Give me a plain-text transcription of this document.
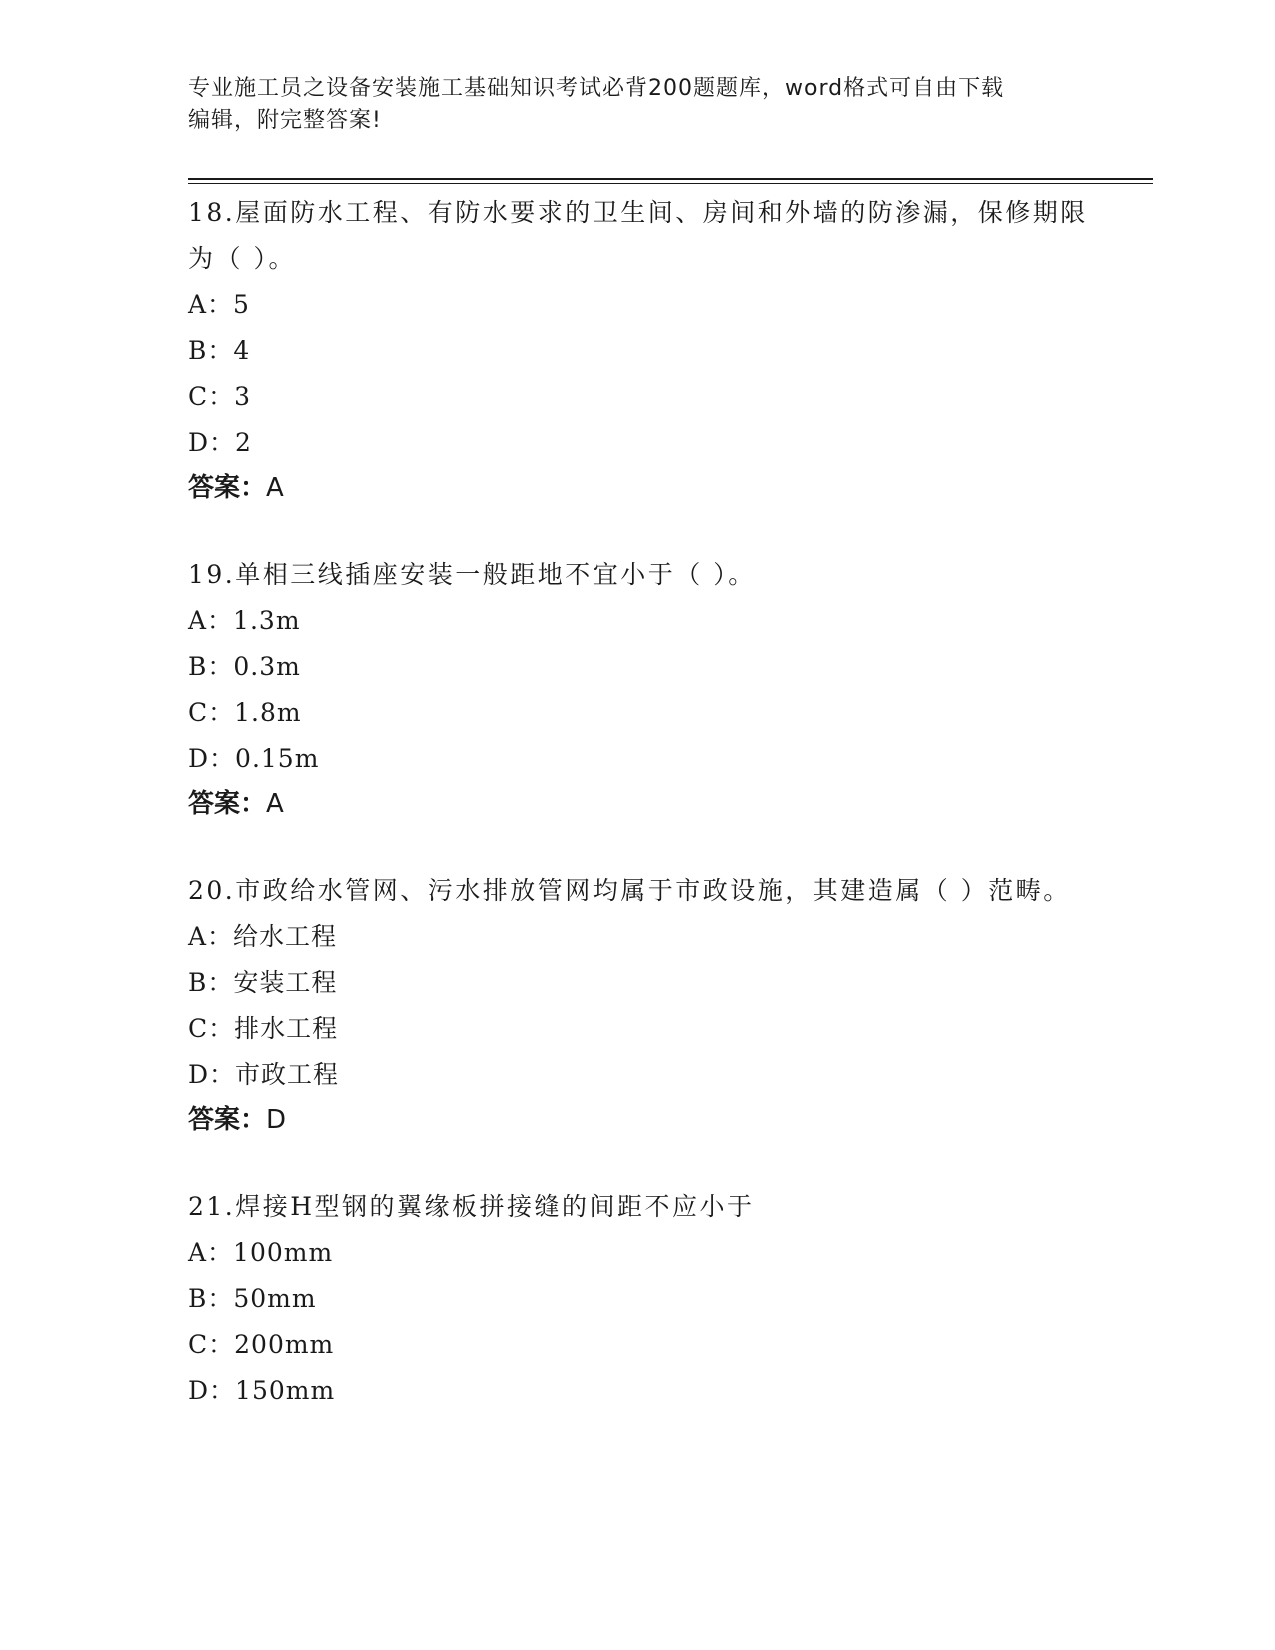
专业施工员之设备安装施工基础知识考试必背200题题库，word格式可自由下载
编辑，附完整答案!

18.屋面防水工程、有防水要求的卫生间、房间和外墙的防渗漏，保修期限为（ ）。

A：5

B：4

C：3

D：2

答案：A

19.单相三线插座安装一般距地不宜小于（ ）。

A：1.3m

B：0.3m

C：1.8m

D：0.15m

答案：A

20.市政给水管网、污水排放管网均属于市政设施，其建造属（ ）范畴。

A：给水工程

B：安装工程

C：排水工程

D：市政工程

答案：D

21.焊接H型钢的翼缘板拼接缝的间距不应小于

A：100mm

B：50mm

C：200mm

D：150mm
